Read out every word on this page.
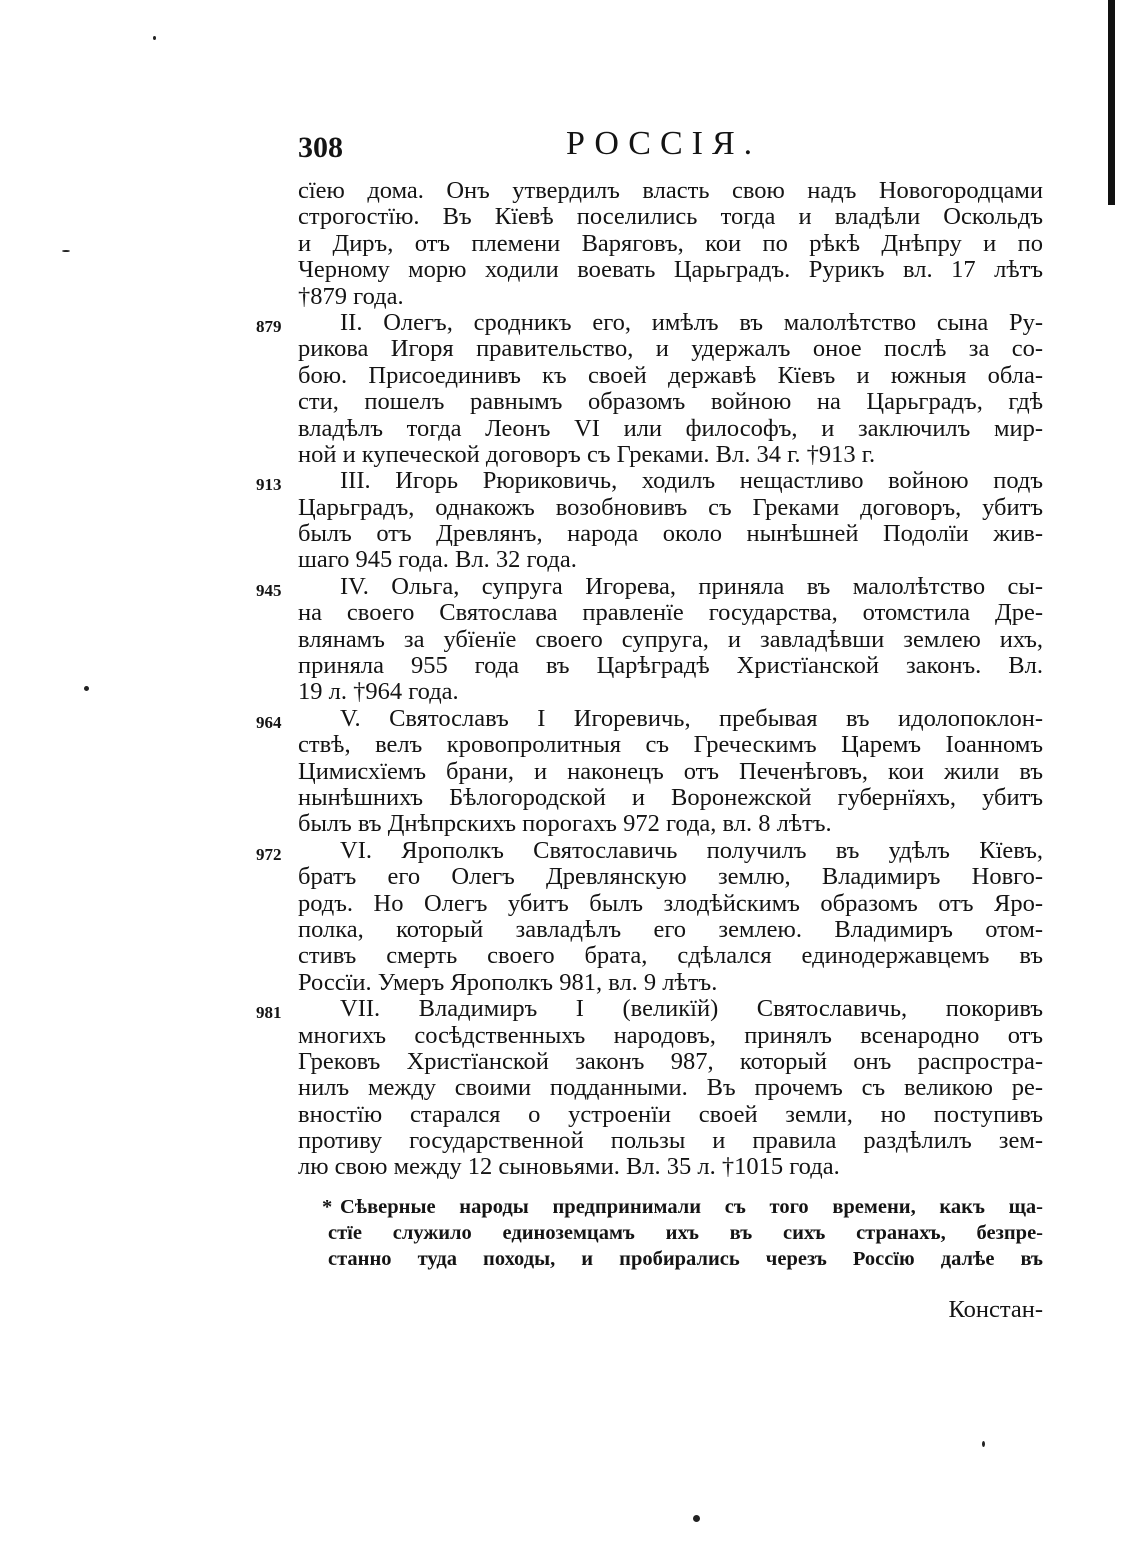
308	РОССІЯ.
сїею дома. Онъ утвердилъ власть свою надъ Новогородцами
строгостїю. Въ Кїевѣ поселились тогда и владѣли Оскольдъ
и Диръ, отъ племени Варяговъ, кои по рѣкѣ Днѣпру и по
Черному морю ходили воевать Царьградъ. Рурикъ вл. 17 лѣтъ
†879 года.
879	II. Олегъ, сродникъ его, имѣлъ въ малолѣтство сына Ру-
рикова Игоря правительство, и удержалъ оное послѣ за со-
бою. Присоединивъ къ своей державѣ Кїевъ и южныя обла-
сти, пошелъ равнымъ образомъ войною на Царьградъ, гдѣ
владѣлъ тогда Леонъ VI или философъ, и заключилъ мир-
ной и купеческой договоръ съ Греками. Вл. 34 г. †913 г.
913	III. Игорь Рюриковичь, ходилъ нещастливо войною подъ
Царьградъ, однакожъ возобновивъ съ Греками договоръ, убитъ
былъ отъ Древлянъ, народа около нынѣшней Подолїи жив-
шаго 945 года. Вл. 32 года.
945	IV. Ольга, супруга Игорева, приняла въ малолѣтство сы-
на своего Святослава правленїе государства, отомстила Дре-
влянамъ за убїенїе своего супруга, и завладѣвши землею ихъ,
приняла 955 года въ Царѣградѣ Христїанской законъ. Вл.
19 л. †964 года.
964	V. Святославъ I Игоревичь, пребывая въ идолопоклон-
ствѣ, велъ кровопролитныя съ Греческимъ Царемъ Іоанномъ
Цимисхїемъ брани, и наконецъ отъ Печенѣговъ, кои жили въ
нынѣшнихъ Бѣлогородской и Воронежской губернїяхъ, убитъ
былъ въ Днѣпрскихъ порогахъ 972 года, вл. 8 лѣтъ.
972	VI. Ярополкъ Святославичь получилъ въ удѣлъ Кїевъ,
братъ его Олегъ Древлянскую землю, Владимиръ Новго-
родъ. Но Олегъ убитъ былъ злодѣйскимъ образомъ отъ Яро-
полка, который завладѣлъ его землею. Владимиръ отом-
стивъ смерть своего брата, сдѣлался единодержавцемъ въ
Россїи. Умеръ Ярополкъ 981, вл. 9 лѣтъ.
981	VII. Владимиръ I (великїй) Святославичь, покоривъ
многихъ сосѣдственныхъ народовъ, принялъ всенародно отъ
Грековъ Христїанской законъ 987, который онъ распростра-
нилъ между своими подданными. Въ прочемъ съ великою ре-
вностїю старался о устроенїи своей земли, но поступивъ
противу государственной пользы и правила раздѣлилъ зем-
лю свою между 12 сыновьями. Вл. 35 л. †1015 года.
* Сѣверные народы предпринимали съ того времени, какъ ща-
стїе служило единоземцамъ ихъ въ сихъ странахъ, безпре-
станно туда походы, и пробирались черезъ Россїю далѣе въ
Констан-
